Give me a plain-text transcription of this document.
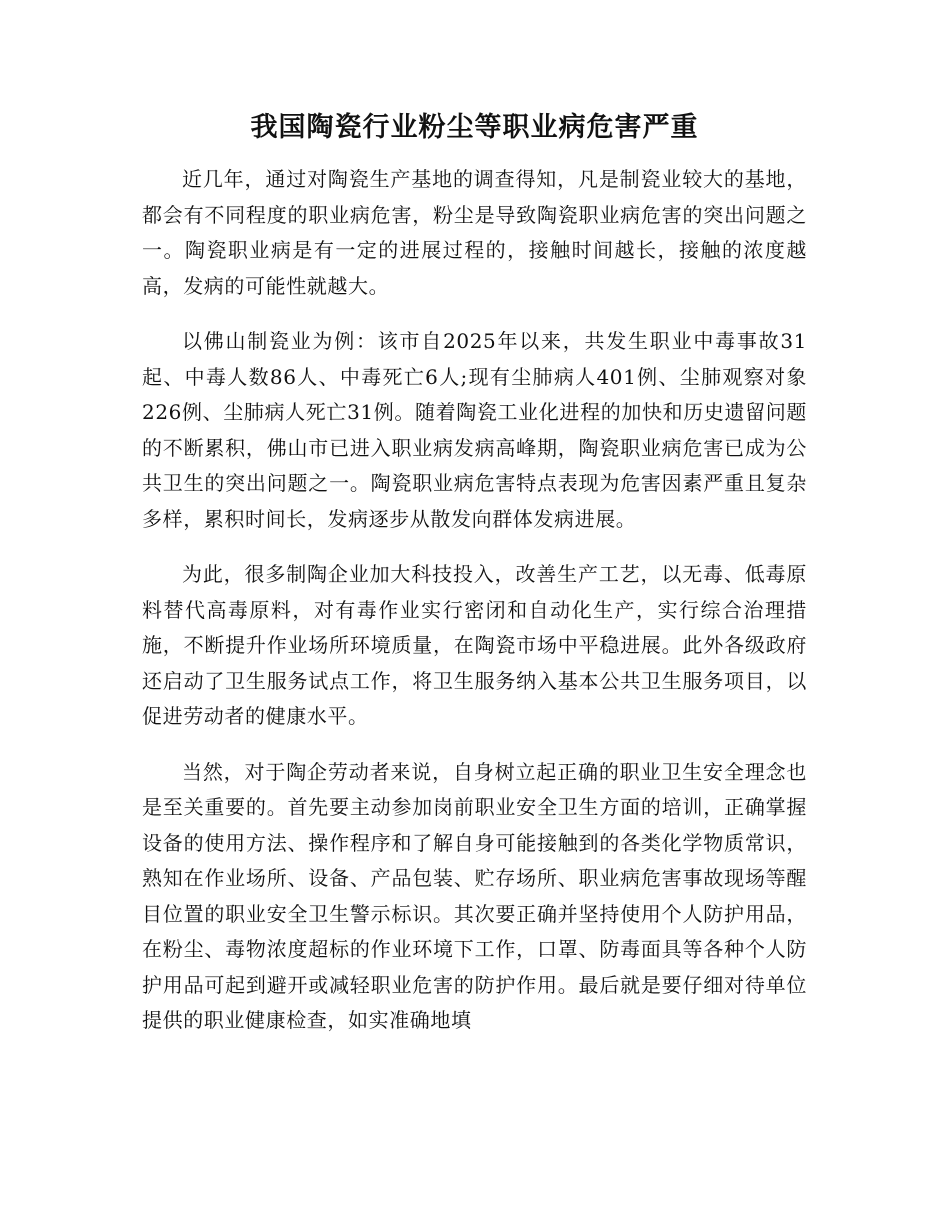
我国陶瓷行业粉尘等职业病危害严重

近几年，通过对陶瓷生产基地的调查得知，凡是制瓷业较大的基地，都会有不同程度的职业病危害，粉尘是导致陶瓷职业病危害的突出问题之一。陶瓷职业病是有一定的进展过程的，接触时间越长，接触的浓度越高，发病的可能性就越大。

以佛山制瓷业为例：该市自2025年以来，共发生职业中毒事故31起、中毒人数86人、中毒死亡6人;现有尘肺病人401例、尘肺观察对象226例、尘肺病人死亡31例。随着陶瓷工业化进程的加快和历史遗留问题的不断累积，佛山市已进入职业病发病高峰期，陶瓷职业病危害已成为公共卫生的突出问题之一。陶瓷职业病危害特点表现为危害因素严重且复杂多样，累积时间长，发病逐步从散发向群体发病进展。

为此，很多制陶企业加大科技投入，改善生产工艺，以无毒、低毒原料替代高毒原料，对有毒作业实行密闭和自动化生产，实行综合治理措施，不断提升作业场所环境质量，在陶瓷市场中平稳进展。此外各级政府还启动了卫生服务试点工作，将卫生服务纳入基本公共卫生服务项目，以促进劳动者的健康水平。

当然，对于陶企劳动者来说，自身树立起正确的职业卫生安全理念也是至关重要的。首先要主动参加岗前职业安全卫生方面的培训，正确掌握设备的使用方法、操作程序和了解自身可能接触到的各类化学物质常识，熟知在作业场所、设备、产品包装、贮存场所、职业病危害事故现场等醒目位置的职业安全卫生警示标识。其次要正确并坚持使用个人防护用品，在粉尘、毒物浓度超标的作业环境下工作，口罩、防毒面具等各种个人防护用品可起到避开或减轻职业危害的防护作用。最后就是要仔细对待单位提供的职业健康检查，如实准确地填
